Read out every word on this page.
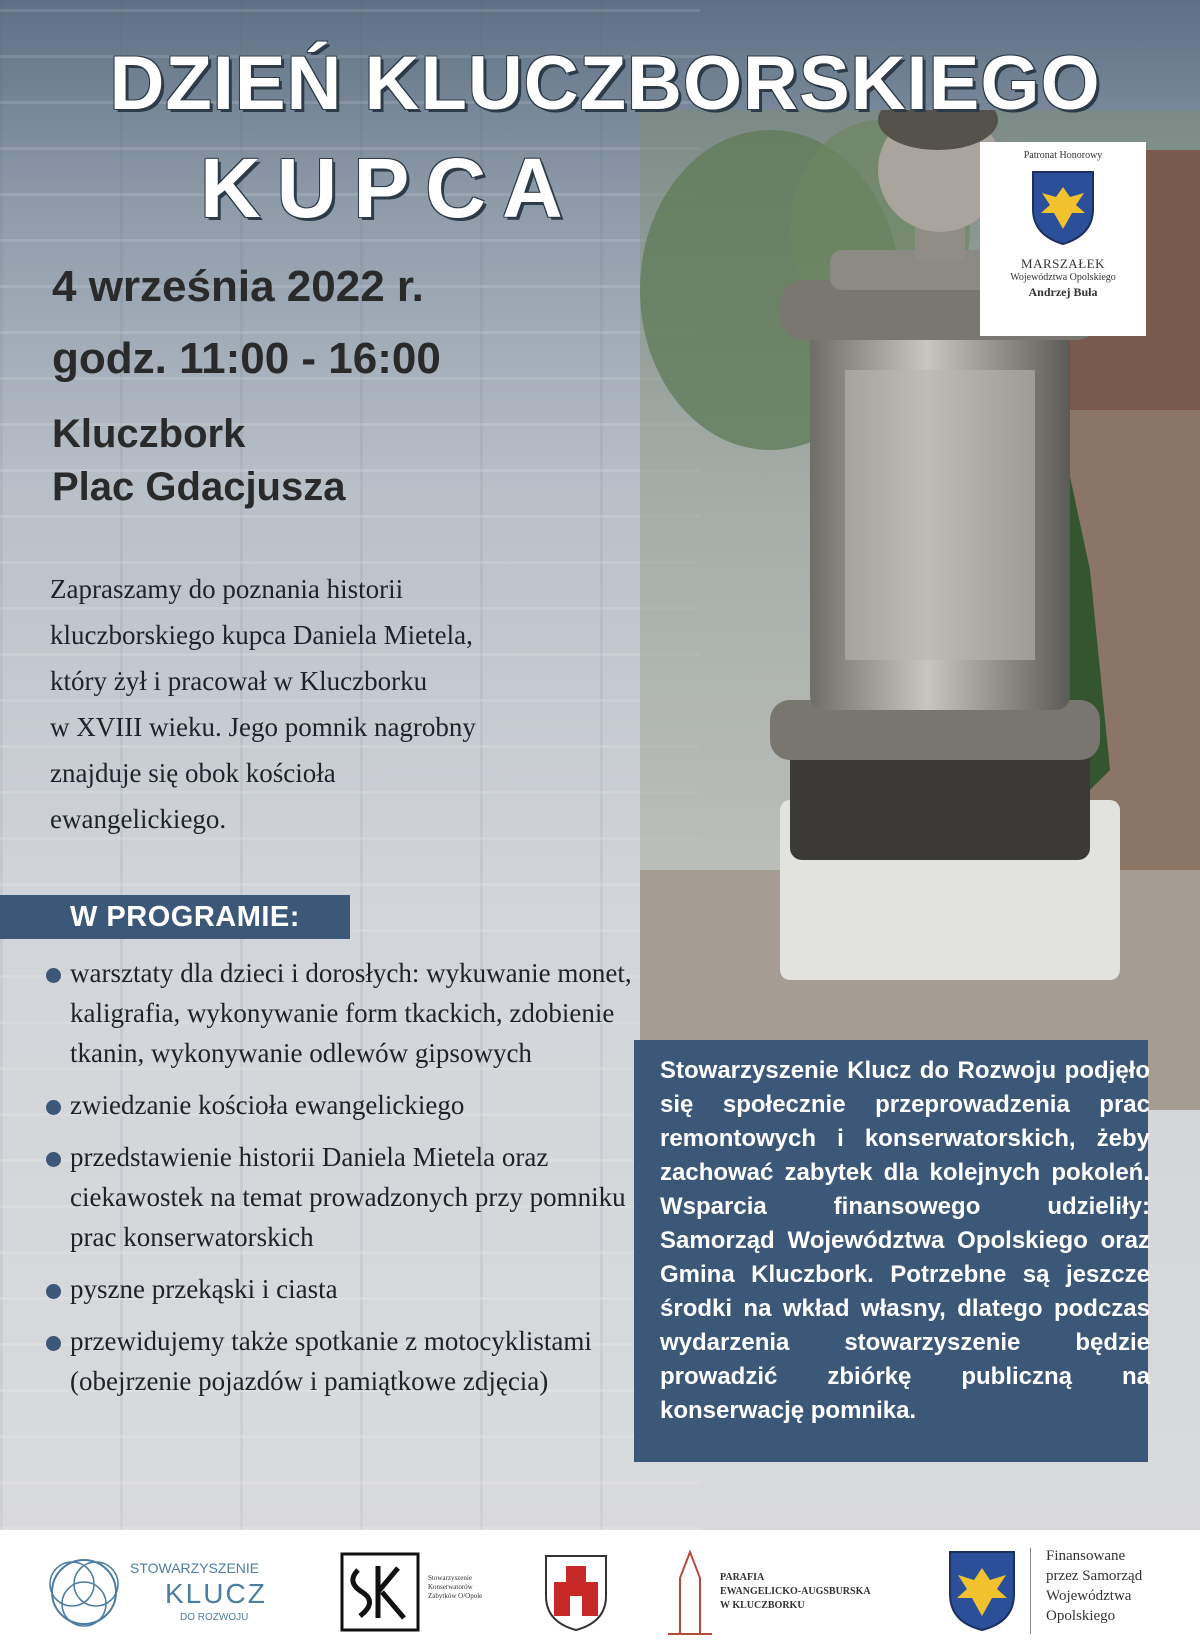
DZIEŃ KLUCZBORSKIEGO
KUPCA
4 września 2022 r.
godz. 11:00 - 16:00
Kluczbork
Plac Gdacjusza
Zapraszamy do poznania historii
kluczborskiego kupca Daniela Mietela,
który żył i pracował w Kluczborku
w XVIII wieku. Jego pomnik nagrobny
znajduje się obok kościoła
ewangelickiego.
W PROGRAMIE:
warsztaty dla dzieci i dorosłych: wykuwanie monet, kaligrafia, wykonywanie form tkackich, zdobienie tkanin, wykonywanie odlewów gipsowych
zwiedzanie kościoła ewangelickiego
przedstawienie historii Daniela Mietela oraz ciekawostek na temat prowadzonych przy pomniku prac konserwatorskich
pyszne przekąski i ciasta
przewidujemy także spotkanie z motocyklistami (obejrzenie pojazdów i pamiątkowe zdjęcia)
Stowarzyszenie Klucz do Rozwoju podjęło się społecznie przeprowadzenia prac remontowych i konserwatorskich, żeby zachować zabytek dla kolejnych pokoleń. Wsparcia finansowego udzieliły: Samorząd Województwa Opolskiego oraz Gmina Kluczbork. Potrzebne są jeszcze środki na wkład własny, dlatego podczas wydarzenia stowarzyszenie będzie prowadzić zbiórkę publiczną na konserwację pomnika.
Patronat Honorowy
MARSZAŁEK
Województwa Opolskiego
Andrzej Buła
STOWARZYSZENIE
KLUCZ
DO ROZWOJU
Stowarzyszenie Konserwatorów Zabytków O/Opole
PARAFIA
EWANGELICKO-AUGSBURSKA
W KLUCZBORKU
Finansowane
przez Samorząd
Województwa
Opolskiego
